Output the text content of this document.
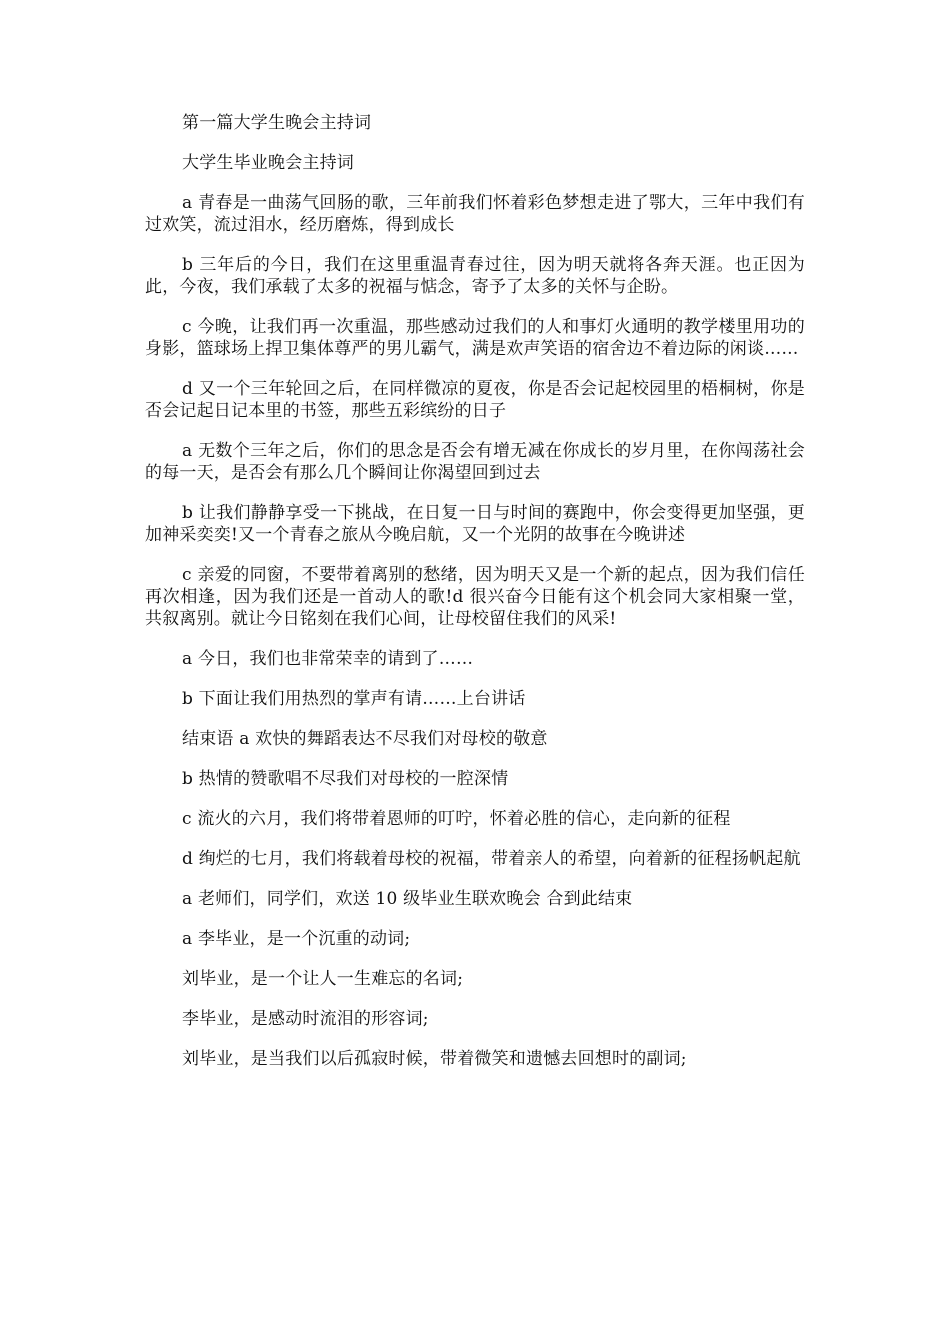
第一篇大学生晚会主持词

大学生毕业晚会主持词

a 青春是一曲荡气回肠的歌，三年前我们怀着彩色梦想走进了鄂大，三年中我们有过欢笑，流过泪水，经历磨炼，得到成长

b 三年后的今日，我们在这里重温青春过往，因为明天就将各奔天涯。也正因为此，今夜，我们承载了太多的祝福与惦念，寄予了太多的关怀与企盼。

c 今晚，让我们再一次重温，那些感动过我们的人和事灯火通明的教学楼里用功的身影，篮球场上捍卫集体尊严的男儿霸气，满是欢声笑语的宿舍边不着边际的闲谈……

d 又一个三年轮回之后，在同样微凉的夏夜，你是否会记起校园里的梧桐树，你是否会记起日记本里的书签，那些五彩缤纷的日子

a 无数个三年之后，你们的思念是否会有增无减在你成长的岁月里，在你闯荡社会的每一天，是否会有那么几个瞬间让你渴望回到过去

b 让我们静静享受一下挑战，在日复一日与时间的赛跑中，你会变得更加坚强，更加神采奕奕!又一个青春之旅从今晚启航，又一个光阴的故事在今晚讲述

c 亲爱的同窗，不要带着离别的愁绪，因为明天又是一个新的起点，因为我们信任再次相逢，因为我们还是一首动人的歌!d 很兴奋今日能有这个机会同大家相聚一堂，共叙离别。就让今日铭刻在我们心间，让母校留住我们的风采!

a 今日，我们也非常荣幸的请到了……

b 下面让我们用热烈的掌声有请……上台讲话

结束语 a 欢快的舞蹈表达不尽我们对母校的敬意

b 热情的赞歌唱不尽我们对母校的一腔深情

c 流火的六月，我们将带着恩师的叮咛，怀着必胜的信心，走向新的征程

d 绚烂的七月，我们将载着母校的祝福，带着亲人的希望，向着新的征程扬帆起航

a 老师们，同学们，欢送 10 级毕业生联欢晚会 合到此结束

a 李毕业，是一个沉重的动词;

刘毕业，是一个让人一生难忘的名词;

李毕业，是感动时流泪的形容词;

刘毕业，是当我们以后孤寂时候，带着微笑和遗憾去回想时的副词;
